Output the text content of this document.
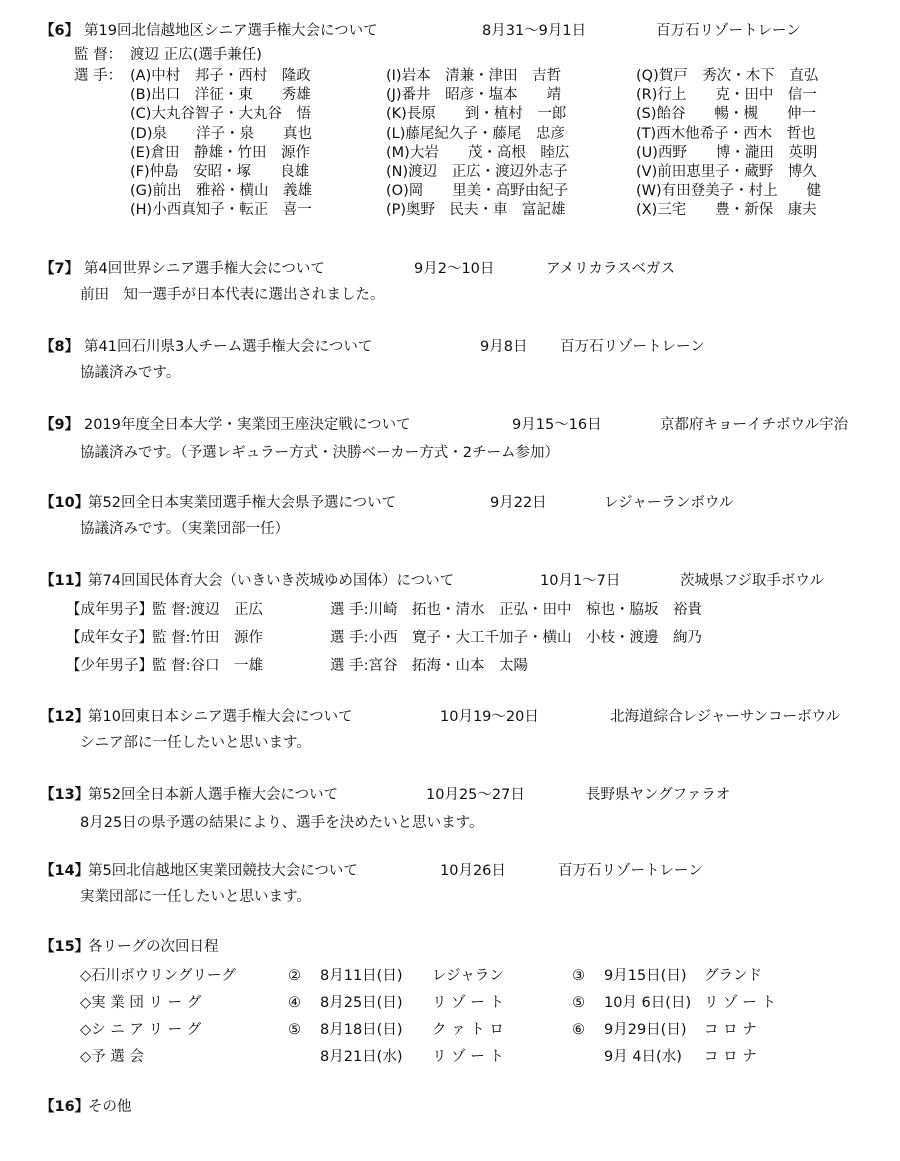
【6】 第19回北信越地区シニア選手権大会について	8月31～9月1日	百万石リゾートレーン
監 督： 渡辺 正広(選手兼任)
選 手： (A)中村　邦子・西村　隆政	(I)岩本　清兼・津田　吉哲	(Q)賀戸　秀次・木下　直弘
(B)出口　洋征・東　　秀雄	(J)番井　昭彦・塩本　　靖	(R)行上　　克・田中　信一
(C)大丸谷智子・大丸谷　悟	(K)長原　　到・植村　一郎	(S)飴谷　　暢・槻　　伸一
(D)泉　　洋子・泉　　真也	(L)藤尾紀久子・藤尾　忠彦	(T)西木他希子・西木　哲也
(E)倉田　静雄・竹田　源作	(M)大岩　　茂・高根　睦広	(U)西野　　博・瀧田　英明
(F)仲島　安昭・塚　　良雄	(N)渡辺　正広・渡辺外志子	(V)前田恵里子・蔵野　博久
(G)前出　雅裕・横山　義雄	(O)岡　　里美・高野由紀子	(W)有田登美子・村上　　健
(H)小西真知子・転正　喜一	(P)奥野　民夫・車　富記雄	(X)三宅　　豊・新保　康夫
【7】 第4回世界シニア選手権大会について	9月2～10日	アメリカラスベガス
前田　知一選手が日本代表に選出されました。
【8】 第41回石川県3人チーム選手権大会について	9月8日 百万石リゾートレーン
協議済みです。
【9】 2019年度全日本大学・実業団王座決定戦について	9月15～16日	京都府キョーイチボウル宇治
協議済みです。（予選レギュラー方式・決勝ベーカー方式・2チーム参加）
【10】
第52回全日本実業団選手権大会県予選について	9月22日	レジャーランボウル
協議済みです。（実業団部一任）
【11】
第74回国民体育大会（いきいき茨城ゆめ国体）について	10月1～7日	茨城県フジ取手ボウル
【成年男子】 監 督:渡辺　正広	選 手:川崎　拓也・清水　正弘・田中　椋也・脇坂　裕貴
【成年女子】 監 督:竹田　源作	選 手:小西　寛子・大工千加子・横山　小枝・渡邊　絢乃
【少年男子】 監 督:谷口　一雄	選 手:宮谷　拓海・山本　太陽
【12】
第10回東日本シニア選手権大会について	10月19～20日	北海道綜合レジャーサンコーボウル
シニア部に一任したいと思います。
【13】
第52回全日本新人選手権大会について	10月25～27日	長野県ヤングファラオ
8月25日の県予選の結果により、選手を決めたいと思います。
【14】
第5回北信越地区実業団競技大会について	10月26日	百万石リゾートレーン
実業団部に一任したいと思います。
【15】
各リーグの次回日程
◇石川ボウリングリーグ	② 8月11日(日) レジャラン	③ 9月15日(日) グランド
◇実 業 団 リ ー グ	④ 8月25日(日) リ ゾ ー ト	⑤ 10月 6日(日) リ ゾ ー ト
◇シ ニ ア リ ー グ	⑤ 8月18日(日) ク ァ ト ロ	⑥ 9月29日(日) コ ロ ナ
◇予 選 会	8月21日(水) リ ゾ ー ト	9月 4日(水) コ ロ ナ
【16】
その他
